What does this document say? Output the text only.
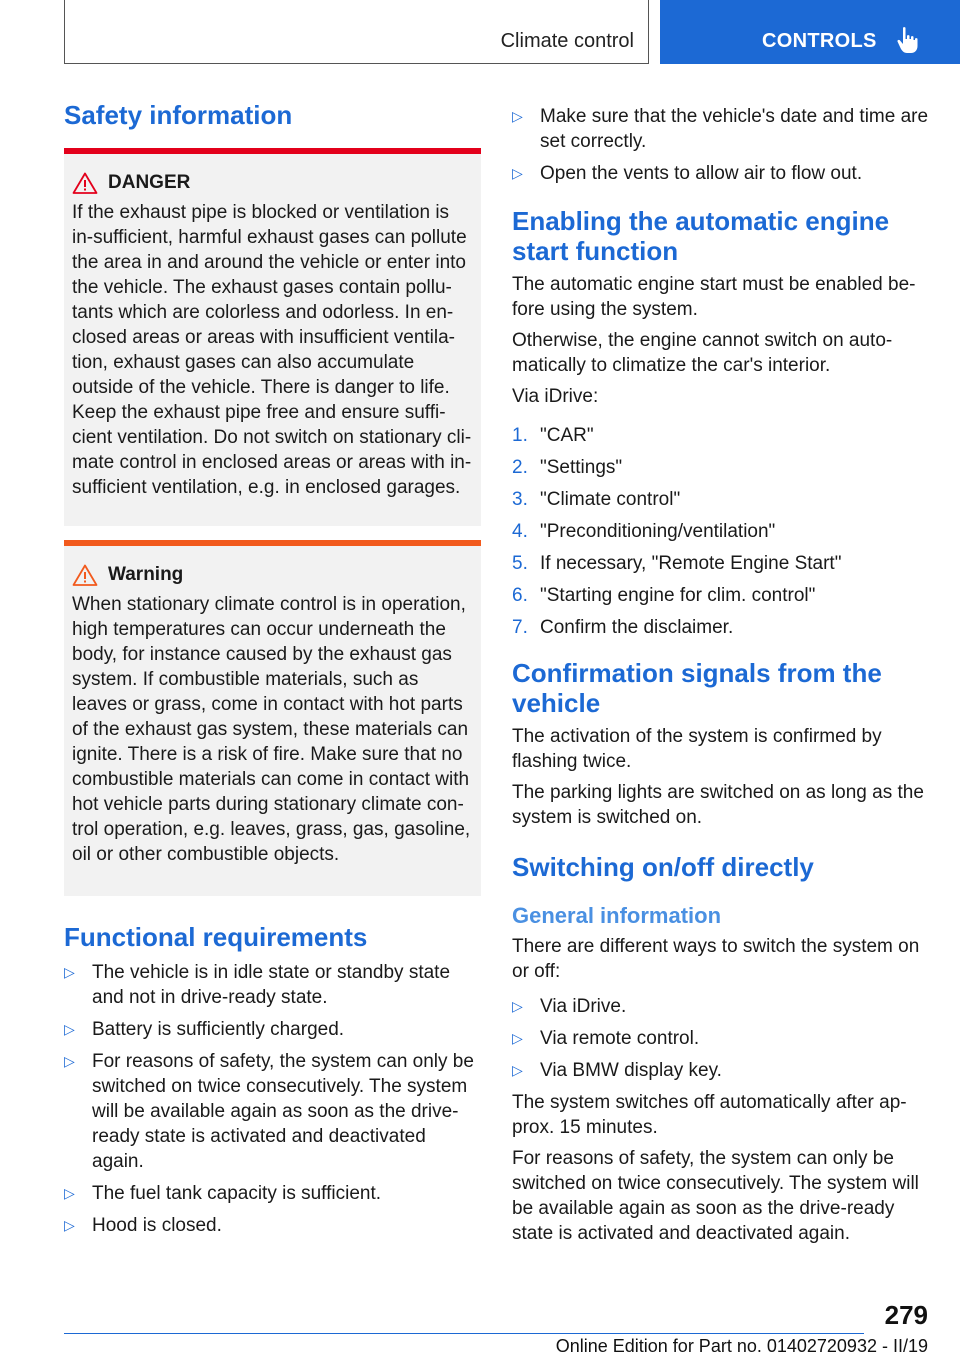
Climate control	CONTROLS
Safety information
DANGER

If the exhaust pipe is blocked or ventilation is in-sufficient, harmful exhaust gases can pollute the area in and around the vehicle or enter into the vehicle. The exhaust gases contain pollu-tants which are colorless and odorless. In en-closed areas or areas with insufficient ventila-tion, exhaust gases can also accumulate outside of the vehicle. There is danger to life. Keep the exhaust pipe free and ensure suffi-cient ventilation. Do not switch on stationary cli-mate control in enclosed areas or areas with in-sufficient ventilation, e.g. in enclosed garages.

Warning

When stationary climate control is in operation, high temperatures can occur underneath the body, for instance caused by the exhaust gas system. If combustible materials, such as leaves or grass, come in contact with hot parts of the exhaust gas system, these materials can ignite. There is a risk of fire. Make sure that no combustible materials can come in contact with hot vehicle parts during stationary climate con-trol operation, e.g. leaves, grass, gas, gasoline, oil or other combustible objects.

Functional requirements
▷ The vehicle is in idle state or standby state and not in drive-ready state.
▷ Battery is sufficiently charged.
▷ For reasons of safety, the system can only be switched on twice consecutively. The system will be available again as soon as the drive-ready state is activated and deactivated again.
▷ The fuel tank capacity is sufficient.
▷ Hood is closed.
▷ Make sure that the vehicle's date and time are set correctly.
▷ Open the vents to allow air to flow out.
Enabling the automatic engine start function

The automatic engine start must be enabled be-fore using the system.

Otherwise, the engine cannot switch on auto-matically to climatize the car's interior.

Via iDrive:

1. "CAR"
2. "Settings"
3. "Climate control"
4. "Preconditioning/ventilation"
5. If necessary, "Remote Engine Start"
6. "Starting engine for clim. control"
7. Confirm the disclaimer.
Confirmation signals from the vehicle

The activation of the system is confirmed by flashing twice.

The parking lights are switched on as long as the system is switched on.

Switching on/off directly
General information

There are different ways to switch the system on or off:

▷ Via iDrive.
▷ Via remote control.
▷ Via BMW display key.

The system switches off automatically after ap-prox. 15 minutes.

For reasons of safety, the system can only be switched on twice consecutively. The system will be available again as soon as the drive-ready state is activated and deactivated again.

279
Online Edition for Part no. 01402720932 - II/19
